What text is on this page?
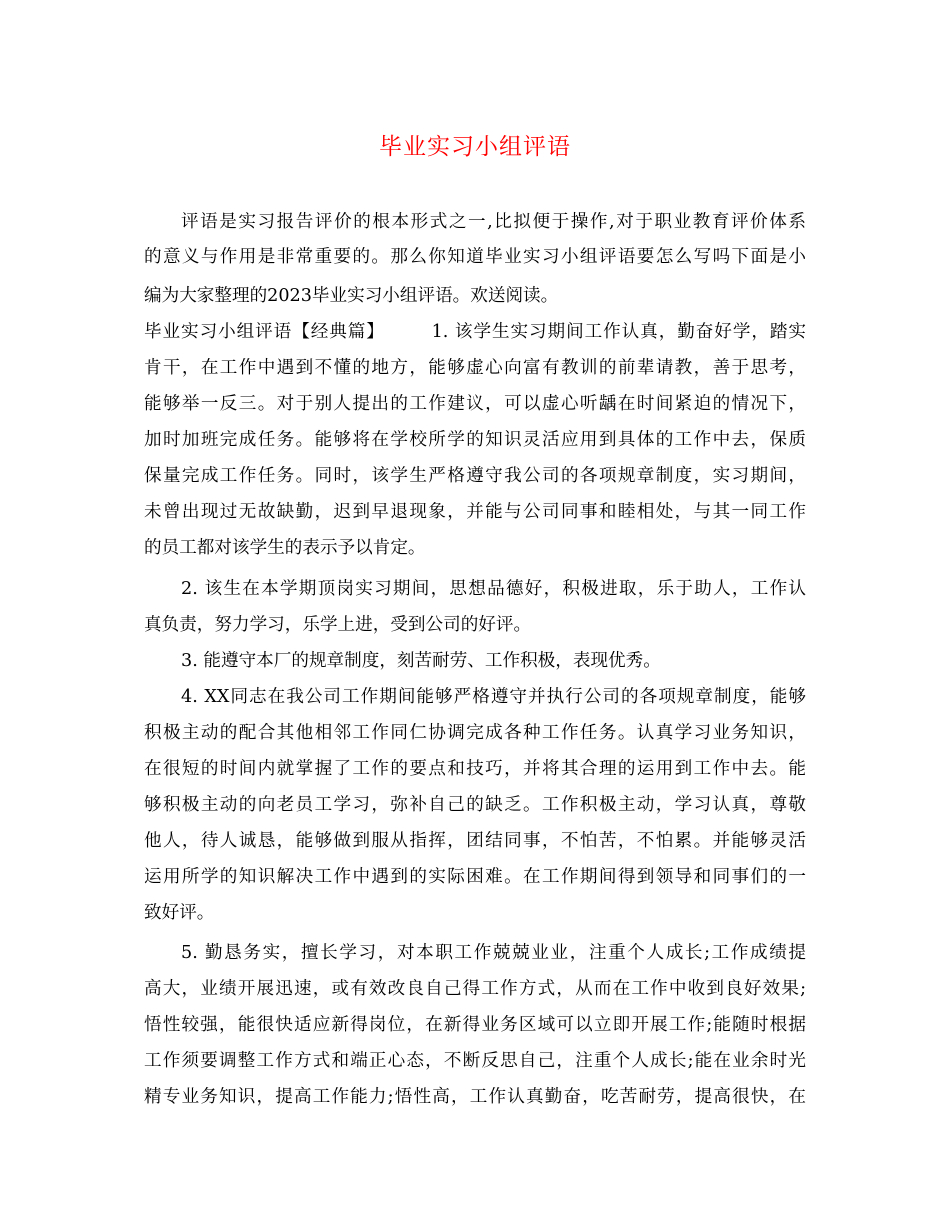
毕业实习小组评语
评语是实习报告评价的根本形式之一,比拟便于操作,对于职业教育评价体系
的意义与作用是非常重要的。那么你知道毕业实习小组评语要怎么写吗下面是小
编为大家整理的2023毕业实习小组评语。欢送阅读。
毕业实习小组评语【经典篇】　　　1. 该学生实习期间工作认真，勤奋好学，踏实
肯干，在工作中遇到不懂的地方，能够虚心向富有教训的前辈请教，善于思考，
能够举一反三。对于别人提出的工作建议，可以虚心听龋在时间紧迫的情况下，
加时加班完成任务。能够将在学校所学的知识灵活应用到具体的工作中去，保质
保量完成工作任务。同时，该学生严格遵守我公司的各项规章制度，实习期间，
未曾出现过无故缺勤，迟到早退现象，并能与公司同事和睦相处，与其一同工作
的员工都对该学生的表示予以肯定。
2. 该生在本学期顶岗实习期间，思想品德好，积极进取，乐于助人，工作认
真负责，努力学习，乐学上进，受到公司的好评。
3. 能遵守本厂的规章制度，刻苦耐劳、工作积极，表现优秀。
4. XX同志在我公司工作期间能够严格遵守并执行公司的各项规章制度，能够
积极主动的配合其他相邻工作同仁协调完成各种工作任务。认真学习业务知识，
在很短的时间内就掌握了工作的要点和技巧，并将其合理的运用到工作中去。能
够积极主动的向老员工学习，弥补自己的缺乏。工作积极主动，学习认真，尊敬
他人，待人诚恳，能够做到服从指挥，团结同事，不怕苦，不怕累。并能够灵活
运用所学的知识解决工作中遇到的实际困难。在工作期间得到领导和同事们的一
致好评。
5. 勤恳务实，擅长学习，对本职工作兢兢业业，注重个人成长;工作成绩提
高大，业绩开展迅速，或有效改良自己得工作方式，从而在工作中收到良好效果;
悟性较强，能很快适应新得岗位，在新得业务区域可以立即开展工作;能随时根据
工作须要调整工作方式和端正心态，不断反思自己，注重个人成长;能在业余时光
精专业务知识，提高工作能力;悟性高，工作认真勤奋，吃苦耐劳，提高很快，在
